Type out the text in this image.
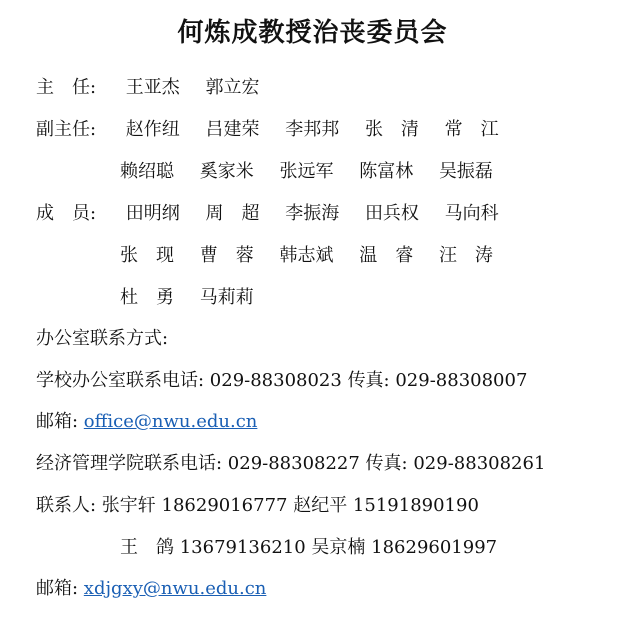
何炼成教授治丧委员会
主　任: 王亚杰 郭立宏
副主任: 赵作纽 吕建荣 李邦邦 张　清 常　江
赖绍聪 奚家米 张远军 陈富林 吴振磊
成　员: 田明纲 周　超 李振海 田兵权 马向科
张　现 曹　蓉 韩志斌 温　睿 汪　涛
杜　勇 马莉莉
办公室联系方式:
学校办公室联系电话: 029-88308023 传真: 029-88308007
邮箱: office@nwu.edu.cn
经济管理学院联系电话: 029-88308227 传真: 029-88308261
联系人: 张宇轩 18629016777 赵纪平 15191890190
王　鸽 13679136210 吴京楠 18629601997
邮箱: xdjgxy@nwu.edu.cn
